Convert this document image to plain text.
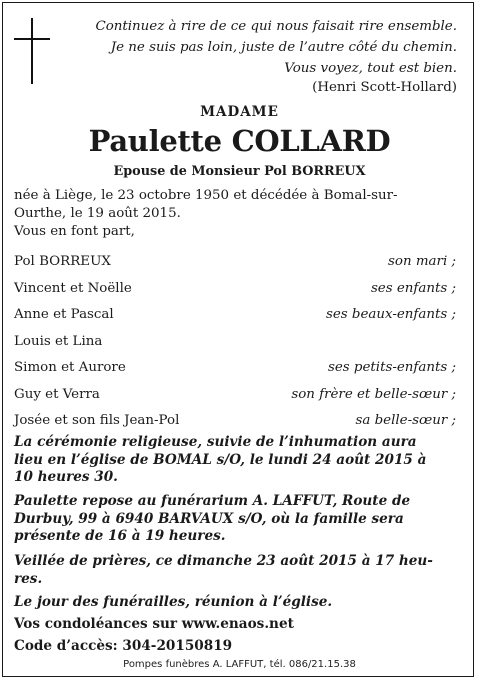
Continuez à rire de ce qui nous faisait rire ensemble.
Je ne suis pas loin, juste de l’autre côté du chemin.
Vous voyez, tout est bien.
(Henri Scott-Hollard)
MADAME
Paulette COLLARD
Epouse de Monsieur Pol BORREUX
née à Liège, le 23 octobre 1950 et décédée à Bomal-sur-
Ourthe, le 19 août 2015.
Vous en font part,
Pol BORREUX	son mari ;
Vincent et Noëlle	ses enfants ;
Anne et Pascal	ses beaux-enfants ;
Louis et Lina
Simon et Aurore	ses petits-enfants ;
Guy et Verra	son frère et belle-sœur ;
Josée et son fils Jean-Pol	sa belle-sœur ;
La cérémonie religieuse, suivie de l’inhumation aura
lieu en l’église de BOMAL s/O, le lundi 24 août 2015 à
10 heures 30.
Paulette repose au funérarium A. LAFFUT, Route de
Durbuy, 99 à 6940 BARVAUX s/O, où la famille sera
présente de 16 à 19 heures.
Veillée de prières, ce dimanche 23 août 2015 à 17 heu-
res.
Le jour des funérailles, réunion à l’église.
Vos condoléances sur www.enaos.net
Code d’accès: 304-20150819
Pompes funèbres A. LAFFUT, tél. 086/21.15.38
